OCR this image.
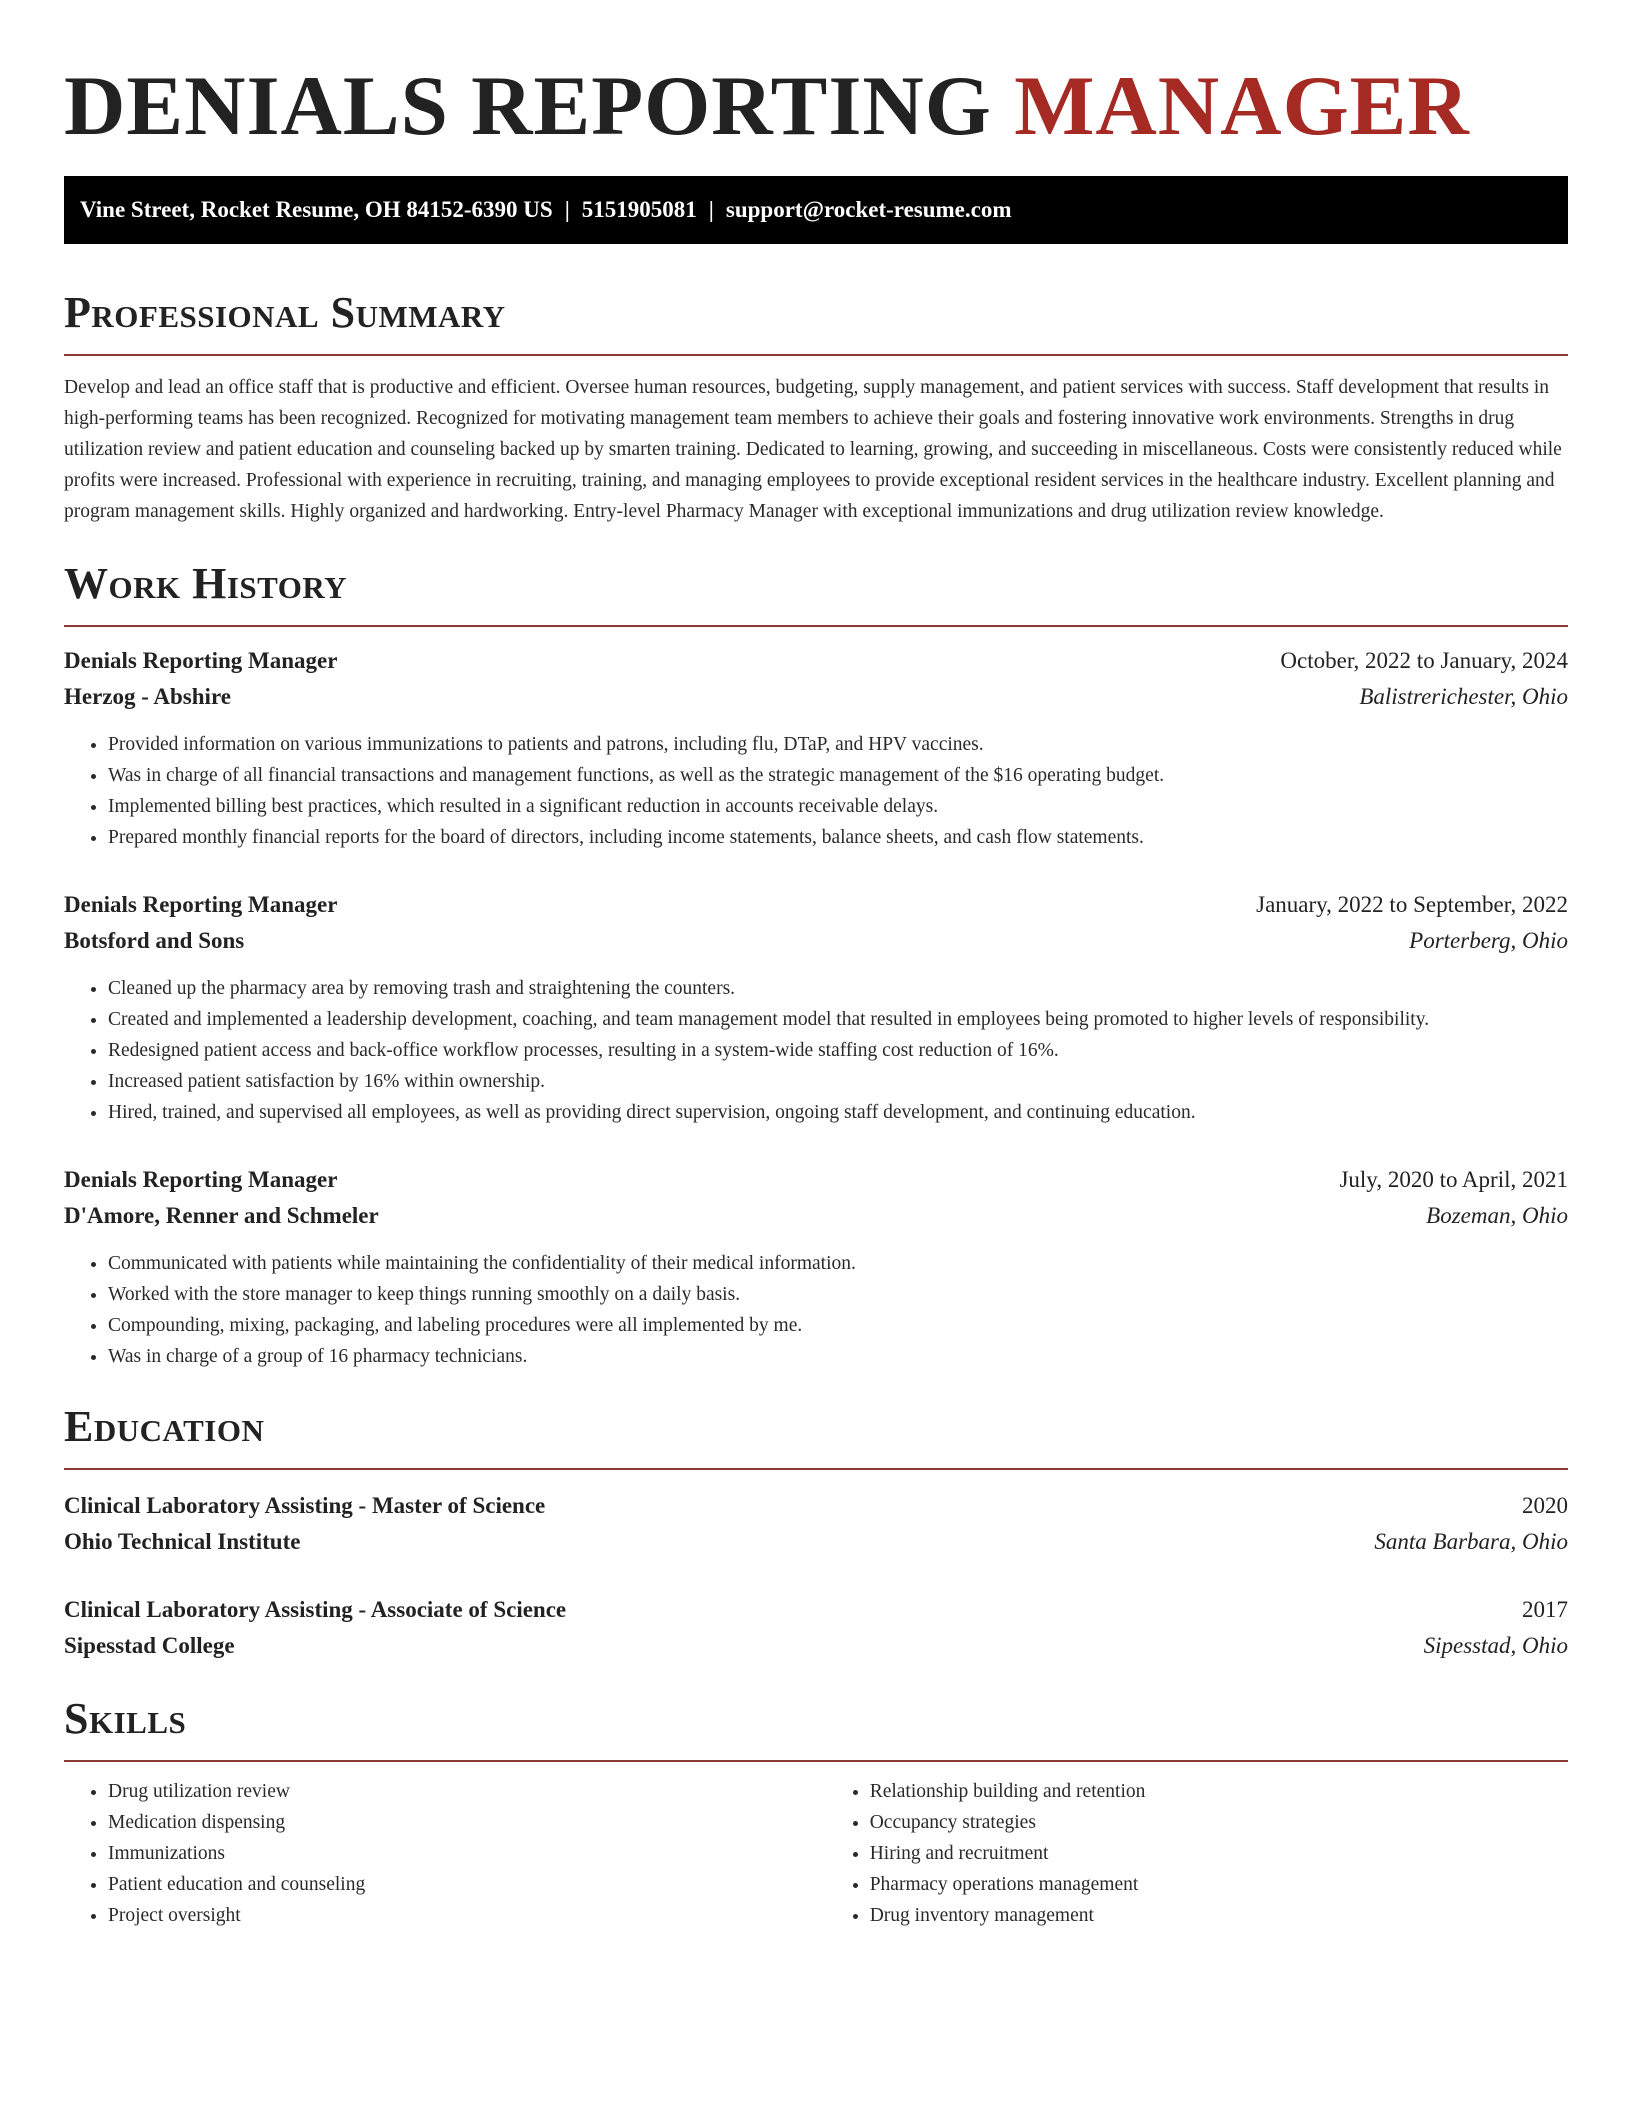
DENIALS REPORTING MANAGER
Vine Street, Rocket Resume, OH 84152-6390 US | 5151905081 | support@rocket-resume.com
Professional Summary

Develop and lead an office staff that is productive and efficient. Oversee human resources, budgeting, supply management, and patient services with success. Staff development that results in high-performing teams has been recognized. Recognized for motivating management team members to achieve their goals and fostering innovative work environments. Strengths in drug utilization review and patient education and counseling backed up by smarten training. Dedicated to learning, growing, and succeeding in miscellaneous. Costs were consistently reduced while profits were increased. Professional with experience in recruiting, training, and managing employees to provide exceptional resident services in the healthcare industry. Excellent planning and program management skills. Highly organized and hardworking. Entry-level Pharmacy Manager with exceptional immunizations and drug utilization review knowledge.

Work History
Denials Reporting Manager	October, 2022 to January, 2024
Herzog - Abshire	Balistrerichester, Ohio
• Provided information on various immunizations to patients and patrons, including flu, DTaP, and HPV vaccines.
• Was in charge of all financial transactions and management functions, as well as the strategic management of the $16 operating budget.
• Implemented billing best practices, which resulted in a significant reduction in accounts receivable delays.
• Prepared monthly financial reports for the board of directors, including income statements, balance sheets, and cash flow statements.
Denials Reporting Manager	January, 2022 to September, 2022
Botsford and Sons	Porterberg, Ohio
• Cleaned up the pharmacy area by removing trash and straightening the counters.
• Created and implemented a leadership development, coaching, and team management model that resulted in employees being promoted to higher levels of responsibility.
• Redesigned patient access and back-office workflow processes, resulting in a system-wide staffing cost reduction of 16%.
• Increased patient satisfaction by 16% within ownership.
• Hired, trained, and supervised all employees, as well as providing direct supervision, ongoing staff development, and continuing education.
Denials Reporting Manager	July, 2020 to April, 2021
D'Amore, Renner and Schmeler	Bozeman, Ohio
• Communicated with patients while maintaining the confidentiality of their medical information.
• Worked with the store manager to keep things running smoothly on a daily basis.
• Compounding, mixing, packaging, and labeling procedures were all implemented by me.
• Was in charge of a group of 16 pharmacy technicians.
Education
Clinical Laboratory Assisting - Master of Science	2020
Ohio Technical Institute	Santa Barbara, Ohio
Clinical Laboratory Assisting - Associate of Science	2017
Sipesstad College	Sipesstad, Ohio
Skills
• Drug utilization review
• Medication dispensing
• Immunizations
• Patient education and counseling
• Project oversight
• Relationship building and retention
• Occupancy strategies
• Hiring and recruitment
• Pharmacy operations management
• Drug inventory management
